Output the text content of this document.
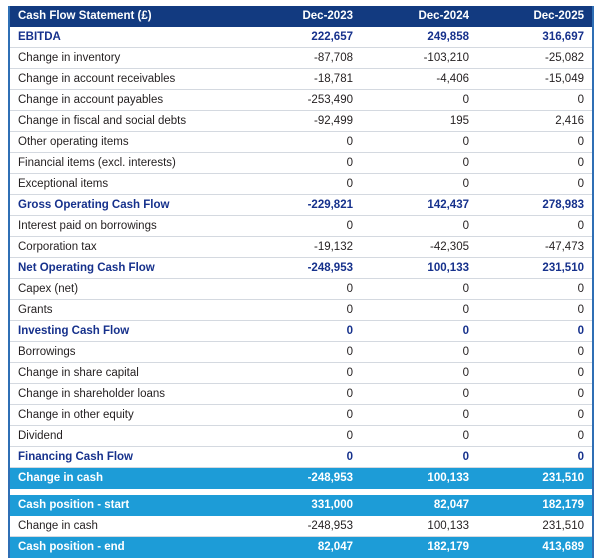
Cash Flow Statement (£)	Dec-2023	Dec-2024	Dec-2025
EBITDA	222,657	249,858	316,697
Change in inventory	-87,708	-103,210	-25,082
Change in account receivables	-18,781	-4,406	-15,049
Change in account payables	-253,490	0	0
Change in fiscal and social debts	-92,499	195	2,416
Other operating items	0	0	0
Financial items (excl. interests)	0	0	0
Exceptional items	0	0	0
Gross Operating Cash Flow	-229,821	142,437	278,983
Interest paid on borrowings	0	0	0
Corporation tax	-19,132	-42,305	-47,473
Net Operating Cash Flow	-248,953	100,133	231,510
Capex (net)	0	0	0
Grants	0	0	0
Investing Cash Flow	0	0	0
Borrowings	0	0	0
Change in share capital	0	0	0
Change in shareholder loans	0	0	0
Change in other equity	0	0	0
Dividend	0	0	0
Financing Cash Flow	0	0	0
Change in cash	-248,953	100,133	231,510

Cash position - start	331,000	82,047	182,179
Change in cash	-248,953	100,133	231,510
Cash position - end	82,047	182,179	413,689
